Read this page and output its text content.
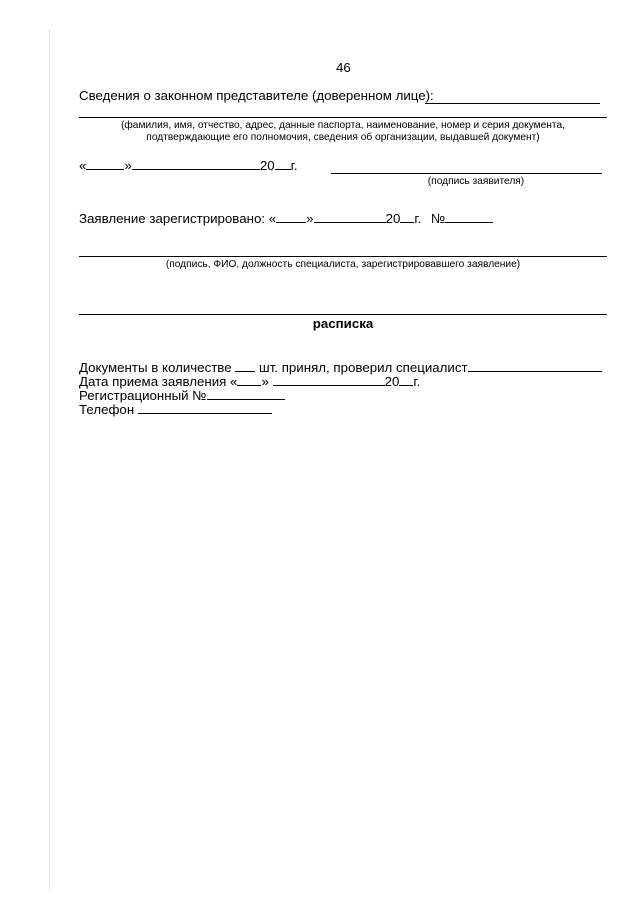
46
Сведения о законном представителе (доверенном лице):
(фамилия, имя, отчество, адрес, данные паспорта, наименование, номер и серия документа,
подтверждающие его полномочия, сведения об организации, выдавшей документ)
«	»	20 г.
(подпись заявителя)
Заявление зарегистрировано: « »	20 г. №
(подпись, ФИО, должность специалиста, зарегистрировавшего заявление)
расписка
Документы в количестве шт. принял, проверил специалист
Дата приема заявления « »	20 г.
Регистрационный №
Телефон
